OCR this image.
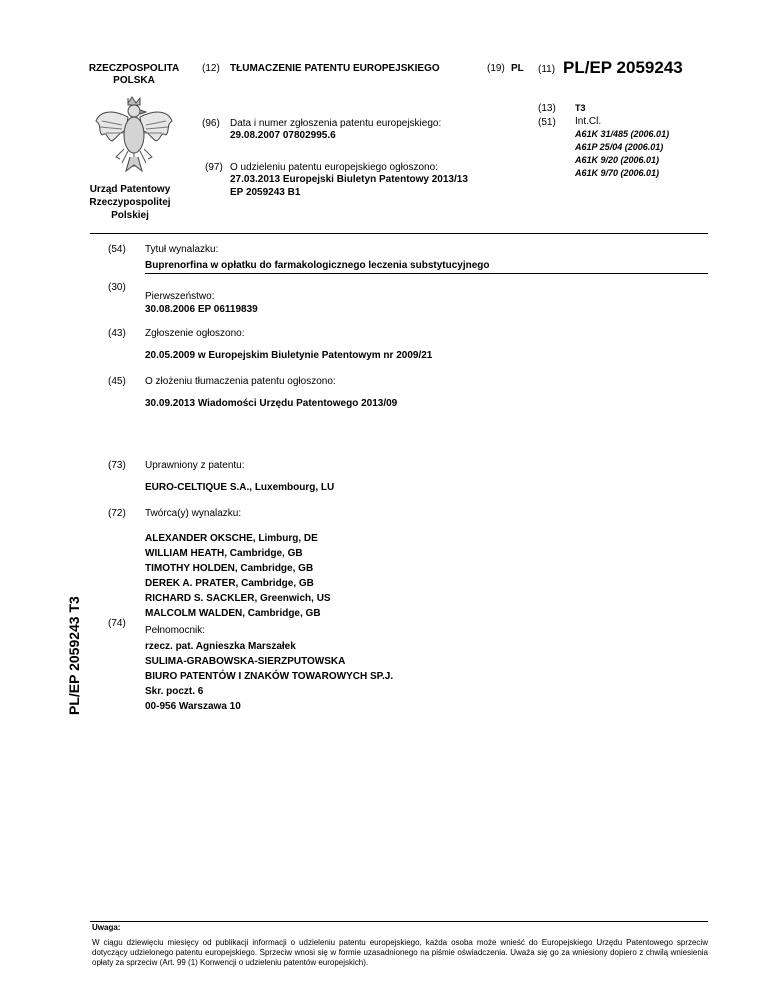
RZECZPOSPOLITA
POLSKA
Urząd Patentowy
Rzeczypospolitej
Polskiej
(12) TŁUMACZENIE PATENTU EUROPEJSKIEGO	(19) PL (11) PL/EP 2059243
(96) Data i numer zgłoszenia patentu europejskiego:
29.08.2007 07802995.6
(97) O udzieleniu patentu europejskiego ogłoszono:
27.03.2013 Europejski Biuletyn Patentowy 2013/13
EP 2059243 B1
(13) T3
(51) Int.Cl.
A61K 31/485 (2006.01)
A61P 25/04 (2006.01)
A61K 9/20 (2006.01)
A61K 9/70 (2006.01)
(54) Tytuł wynalazku:
Buprenorfina w opłatku do farmakologicznego leczenia substytucyjnego
(30)
Pierwszeństwo:
30.08.2006 EP 06119839
(43) Zgłoszenie ogłoszono:
20.05.2009 w Europejskim Biuletynie Patentowym nr 2009/21
(45) O złożeniu tłumaczenia patentu ogłoszono:
30.09.2013 Wiadomości Urzędu Patentowego 2013/09
(73) Uprawniony z patentu:
EURO-CELTIQUE S.A., Luxembourg, LU
(72) Twórca(y) wynalazku:
ALEXANDER OKSCHE, Limburg, DE
WILLIAM HEATH, Cambridge, GB
TIMOTHY HOLDEN, Cambridge, GB
DEREK A. PRATER, Cambridge, GB
RICHARD S. SACKLER, Greenwich, US
MALCOLM WALDEN, Cambridge, GB
(74)
Pełnomocnik:
rzecz. pat. Agnieszka Marszałek
SULIMA-GRABOWSKA-SIERZPUTOWSKA
BIURO PATENTÓW I ZNAKÓW TOWAROWYCH SP.J.
Skr. poczt. 6
00-956 Warszawa 10
PL/EP 2059243 T3
Uwaga:
W ciągu dziewięciu miesięcy od publikacji informacji o udzieleniu patentu europejskiego, każda osoba może wnieść do Europejskiego Urzędu Patentowego sprzeciw dotyczący udzielonego patentu europejskiego. Sprzeciw wnosi się w formie uzasadnionego na piśmie oświadczenia. Uważa się go za wniesiony dopiero z chwilą wniesienia opłaty za sprzeciw (Art. 99 (1) Konwencji o udzieleniu patentów europejskich).
